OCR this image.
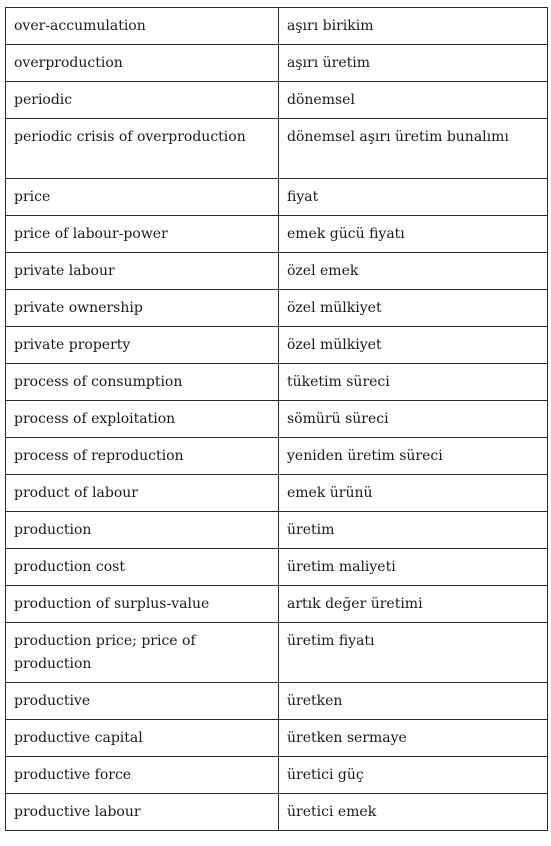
over-accumulation	aşırı birikim
overproduction	aşırı üretim
periodic	dönemsel
periodic crisis of overproduction	dönemsel aşırı üretim bunalımı
price	fiyat
price of labour-power	emek gücü fiyatı
private labour	özel emek
private ownership	özel mülkiyet
private property	özel mülkiyet
process of consumption	tüketim süreci
process of exploitation	sömürü süreci
process of reproduction	yeniden üretim süreci
product of labour	emek ürünü
production	üretim
production cost	üretim maliyeti
production of surplus-value	artık değer üretimi
production price; price of production	üretim fiyatı
productive	üretken
productive capital	üretken sermaye
productive force	üretici güç
productive labour	üretici emek
